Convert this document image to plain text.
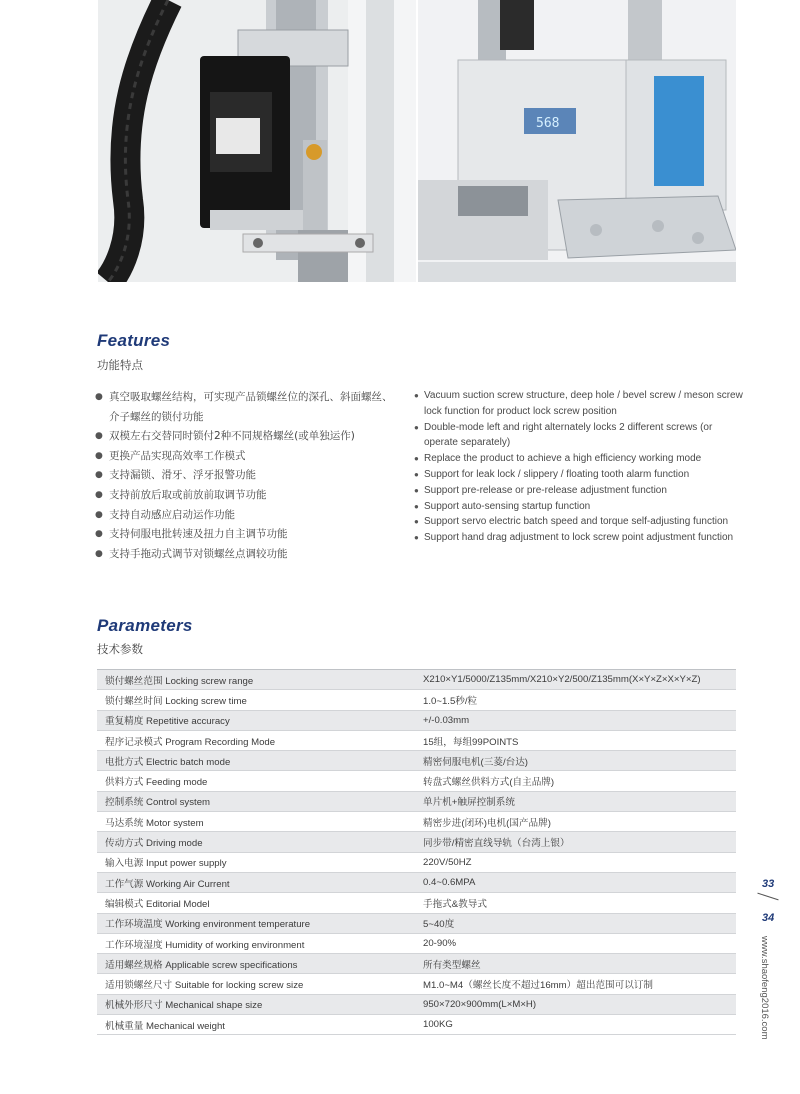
568
Features
功能特点
● 真空吸取螺丝结构，可实现产品锁螺丝位的深孔、斜面螺丝、介子螺丝的锁付功能
● 双模左右交替同时锁付2种不同规格螺丝(或单独运作)
● 更换产品实现高效率工作模式
● 支持漏锁、滑牙、浮牙报警功能
● 支持前放后取或前放前取调节功能
● 支持自动感应启动运作功能
● 支持伺服电批转速及扭力自主调节功能
● 支持手拖动式调节对锁螺丝点调较功能
● Vacuum suction screw structure, deep hole / bevel screw / meson screw lock function for product lock screw position
● Double-mode left and right alternately locks 2 different screws (or operate separately)
● Replace the product to achieve a high efficiency working mode
● Support for leak lock / slippery / floating tooth alarm function
● Support pre-release or pre-release adjustment function
● Support auto-sensing startup function
● Support servo electric batch speed and torque self-adjusting function
● Support hand drag adjustment to lock screw point adjustment function
Parameters
技术参数
锁付螺丝范围 Locking screw range	X210×Y1/5000/Z135mm/X210×Y2/500/Z135mm(X×Y×Z×X×Y×Z)
锁付螺丝时间 Locking screw time	1.0~1.5秒/粒
重复精度 Repetitive accuracy	+/-0.03mm
程序记录模式 Program Recording Mode	15组，每组99POINTS
电批方式 Electric batch mode	精密伺服电机(三菱/台达)
供料方式 Feeding mode	转盘式螺丝供料方式(自主品牌)
控制系统 Control system	单片机+触屏控制系统
马达系统 Motor system	精密步进(闭环)电机(国产品牌)
传动方式 Driving mode	同步带/精密直线导轨（台湾上银）
输入电源 Input power supply	220V/50HZ
工作气源 Working Air Current	0.4~0.6MPA
编辑模式 Editorial Model	手拖式&教导式
工作环境温度 Working environment temperature	5~40度
工作环境湿度 Humidity of working environment	20-90%
适用螺丝规格 Applicable screw specifications	所有类型螺丝
适用锁螺丝尺寸 Suitable for locking screw size	M1.0~M4（螺丝长度不超过16mm）超出范围可以订制
机械外形尺寸 Mechanical shape size	950×720×900mm(L×M×H)
机械重量 Mechanical weight	100KG
33
34
www.shaofeng2016.com
